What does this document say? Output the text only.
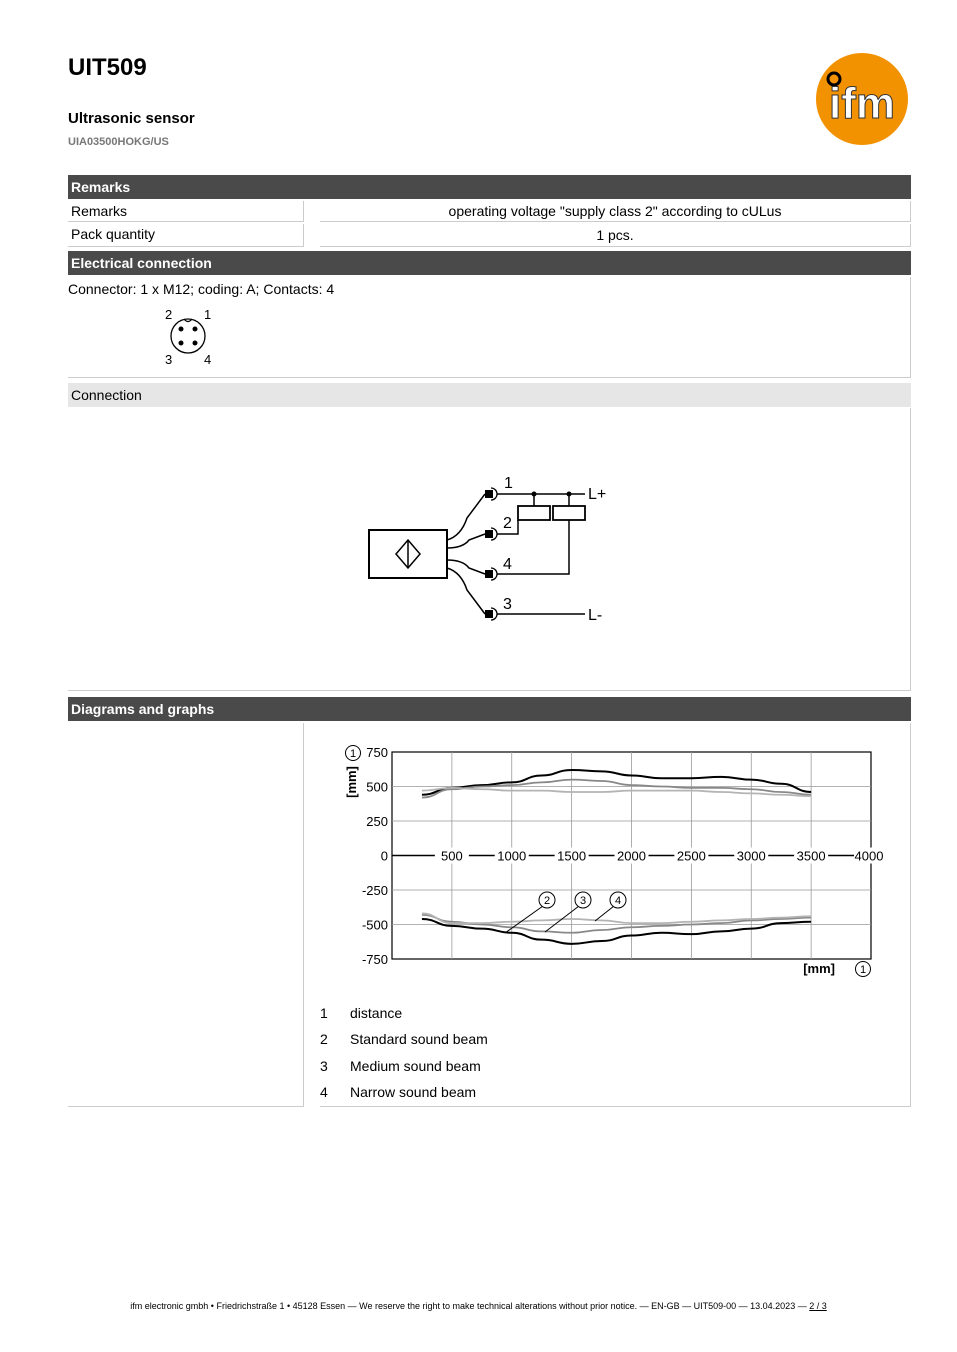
UIT509
Ultrasonic sensor
UIA03500HOKG/US
ifm
Remarks
Remarks	operating voltage "supply class 2" according to cULus
Pack quantity	1 pcs.
Electrical connection
Connector: 1 x M12; coding: A; Contacts: 4
2 1
3 4
Connection
1
2
4
3
L+
L-
Diagrams and graphs
750
500
250
0
-250
-500
-750
500	1000 1500 2000 2500 3000 3500 4000
1
[mm]
[mm] 1
2	3	4
1 distance
2 Standard sound beam
3 Medium sound beam
4 Narrow sound beam
ifm electronic gmbh • Friedrichstraße 1 • 45128 Essen — We reserve the right to make technical alterations without prior notice. — EN-GB — UIT509-00 — 13.04.2023 — 2 / 3
